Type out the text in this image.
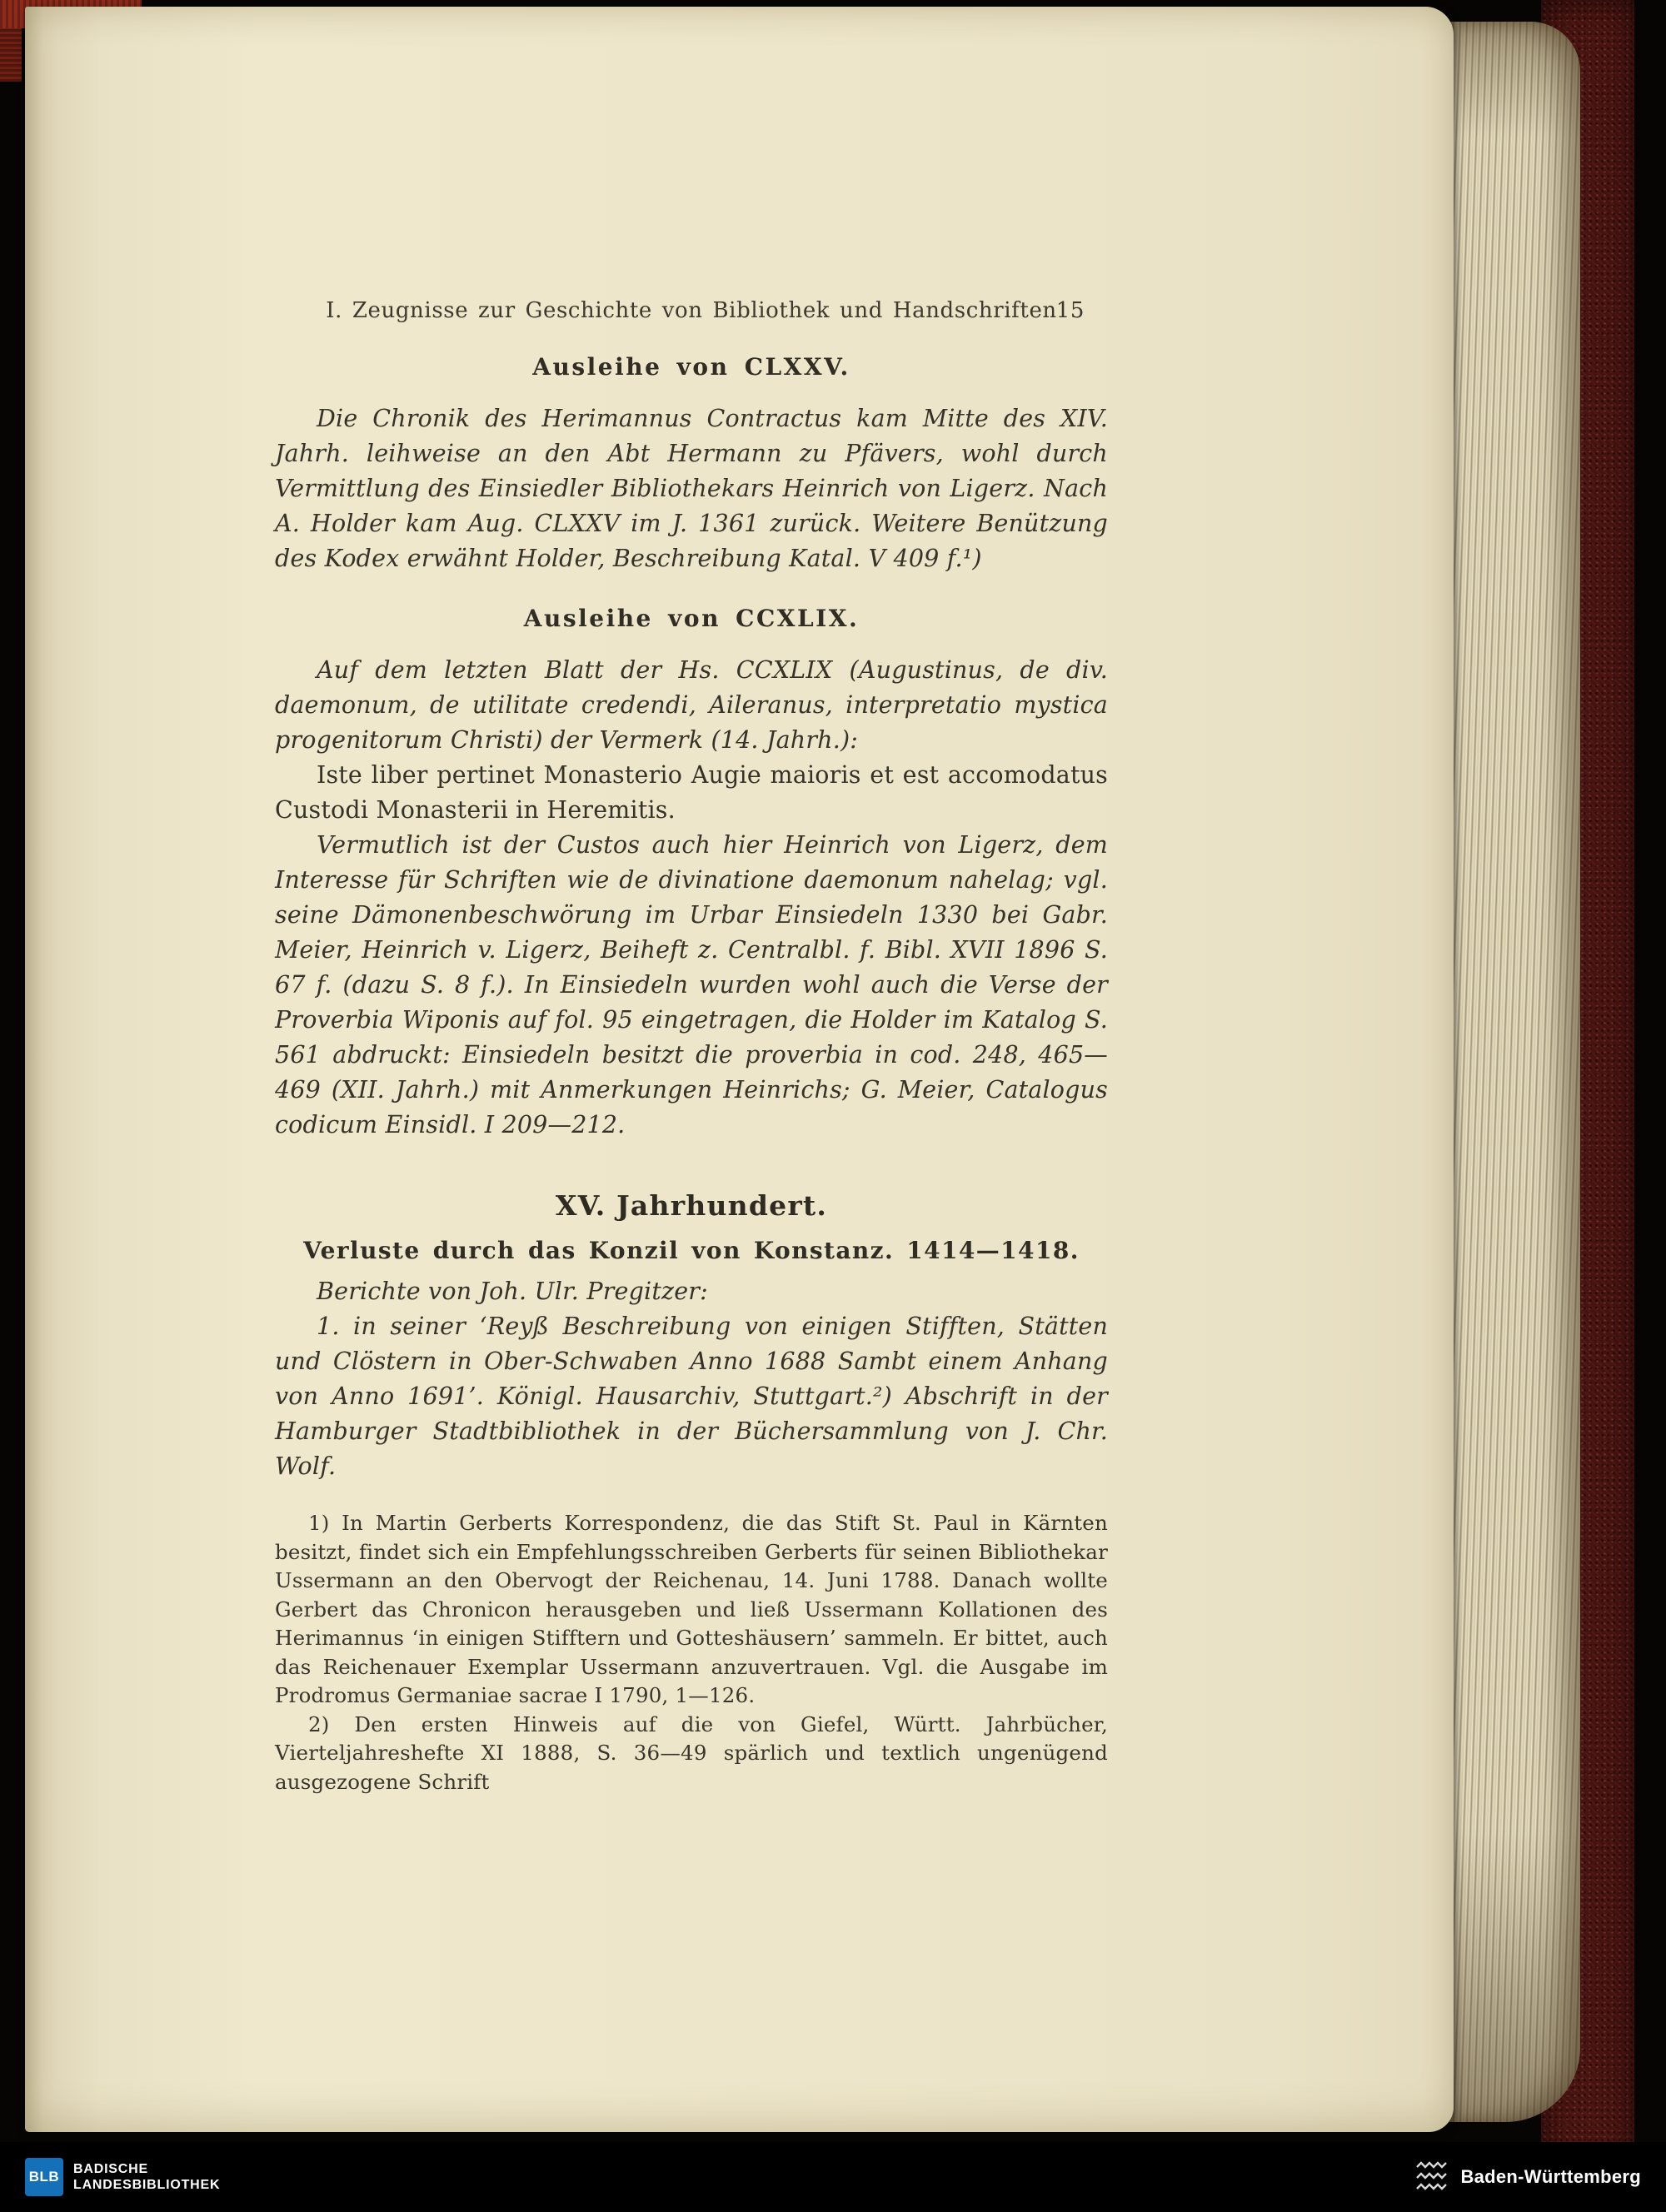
I. Zeugnisse zur Geschichte von Bibliothek und Handschriften
15
Ausleihe von CLXXV.

Die Chronik des Herimannus Contractus kam Mitte des XIV. Jahrh. leihweise an den Abt Hermann zu Pfävers, wohl durch Vermittlung des Einsiedler Bibliothekars Heinrich von Ligerz. Nach A. Holder kam Aug. CLXXV im J. 1361 zurück. Weitere Benützung des Kodex erwähnt Holder, Beschreibung Katal. V 409 f.¹)

Ausleihe von CCXLIX.

Auf dem letzten Blatt der Hs. CCXLIX (Augustinus, de div. daemonum, de utilitate credendi, Aileranus, interpretatio mystica progenitorum Christi) der Vermerk (14. Jahrh.):

Iste liber pertinet Monasterio Augie maioris et est accomodatus Custodi Monasterii in Heremitis.

Vermutlich ist der Custos auch hier Heinrich von Ligerz, dem Interesse für Schriften wie de divinatione daemonum nahelag; vgl. seine Dämonenbeschwörung im Urbar Einsiedeln 1330 bei Gabr. Meier, Heinrich v. Ligerz, Beiheft z. Centralbl. f. Bibl. XVII 1896 S. 67 f. (dazu S. 8 f.). In Einsiedeln wurden wohl auch die Verse der Proverbia Wiponis auf fol. 95 eingetragen, die Holder im Katalog S. 561 abdruckt: Einsiedeln besitzt die proverbia in cod. 248, 465—469 (XII. Jahrh.) mit Anmerkungen Heinrichs; G. Meier, Catalogus codicum Einsidl. I 209—212.

XV. Jahrhundert.
Verluste durch das Konzil von Konstanz. 1414—1418.

Berichte von Joh. Ulr. Pregitzer:

1. in seiner ‘Reyß Beschreibung von einigen Stifften, Stätten und Clöstern in Ober-Schwaben Anno 1688 Sambt einem Anhang von Anno 1691’. Königl. Hausarchiv, Stuttgart.²) Abschrift in der Hamburger Stadtbibliothek in der Büchersammlung von J. Chr. Wolf.

1) In Martin Gerberts Korrespondenz, die das Stift St. Paul in Kärnten besitzt, findet sich ein Empfehlungsschreiben Gerberts für seinen Bibliothekar Ussermann an den Obervogt der Reichenau, 14. Juni 1788. Danach wollte Gerbert das Chronicon herausgeben und ließ Ussermann Kollationen des Herimannus ‘in einigen Stifftern und Gotteshäusern’ sammeln. Er bittet, auch das Reichenauer Exemplar Ussermann anzuvertrauen. Vgl. die Ausgabe im Prodromus Germaniae sacrae I 1790, 1—126.

2) Den ersten Hinweis auf die von Giefel, Württ. Jahrbücher, Vierteljahreshefte XI 1888, S. 36—49 spärlich und textlich ungenügend ausgezogene Schrift

BLB BADISCHE
LANDESBIBLIOTHEK	Baden-Württemberg
